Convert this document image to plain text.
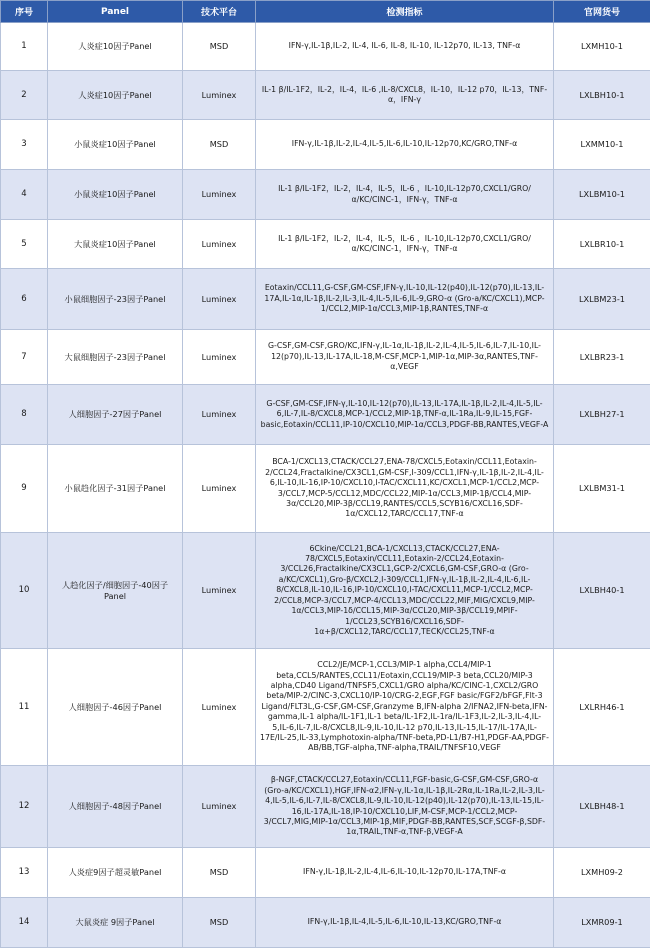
序号	Panel	技术平台	检测指标	官网货号
1	人炎症10因子Panel	MSD	IFN-γ,IL-1β,IL-2, IL-4, IL-6, IL-8, IL-10, IL-12p70, IL-13, TNF-α	LXMH10-1
2	人炎症10因子Panel	Luminex	IL-1 β/IL-1F2，IL-2，IL-4，IL-6 ,IL-8/CXCL8，IL-10，IL-12 p70，IL-13，TNF-α，IFN-γ	LXLBH10-1
3	小鼠炎症10因子Panel	MSD	IFN-γ,IL-1β,IL-2,IL-4,IL-5,IL-6,IL-10,IL-12p70,KC/GRO,TNF-α	LXMM10-1
4	小鼠炎症10因子Panel	Luminex	IL-1 β/IL-1F2，IL-2，IL-4，IL-5，IL-6 ，IL-10,IL-12p70,CXCL1/GRO/α/KC/CINC-1，IFN-γ，TNF-α	LXLBM10-1
5	大鼠炎症10因子Panel	Luminex	IL-1 β/IL-1F2，IL-2，IL-4，IL-5，IL-6 ，IL-10,IL-12p70,CXCL1/GRO/α/KC/CINC-1，IFN-γ，TNF-α	LXLBR10-1
6	小鼠细胞因子-23因子Panel	Luminex	Eotaxin/CCL11,G-CSF,GM-CSF,IFN-γ,IL-10,IL-12(p40),IL-12(p70),IL-13,IL-17A,IL-1α,IL-1β,IL-2,IL-3,IL-4,IL-5,IL-6,IL-9,GRO-α (Gro-a/KC/CXCL1),MCP-1/CCL2,MIP-1α/CCL3,MIP-1β,RANTES,TNF-α	LXLBM23-1
7	大鼠细胞因子-23因子Panel	Luminex	G-CSF,GM-CSF,GRO/KC,IFN-γ,IL-1α,IL-1β,IL-2,IL-4,IL-5,IL-6,IL-7,IL-10,IL-12(p70),IL-13,IL-17A,IL-18,M-CSF,MCP-1,MIP-1α,MIP-3α,RANTES,TNF-α,VEGF	LXLBR23-1
8	人细胞因子-27因子Panel	Luminex	G-CSF,GM-CSF,IFN-γ,IL-10,IL-12(p70),IL-13,IL-17A,IL-1β,IL-2,IL-4,IL-5,IL-6,IL-7,IL-8/CXCL8,MCP-1/CCL2,MIP-1β,TNF-α,IL-1Ra,IL-9,IL-15,FGF-basic,Eotaxin/CCL11,IP-10/CXCL10,MIP-1α/CCL3,PDGF-BB,RANTES,VEGF-A	LXLBH27-1
9	小鼠趋化因子-31因子Panel	Luminex	BCA-1/CXCL13,CTACK/CCL27,ENA-78/CXCL5,Eotaxin/CCL11,Eotaxin-2/CCL24,Fractalkine/CX3CL1,GM-CSF,I-309/CCL1,IFN-γ,IL-1β,IL-2,IL-4,IL-6,IL-10,IL-16,IP-10/CXCL10,I-TAC/CXCL11,KC/CXCL1,MCP-1/CCL2,MCP-3/CCL7,MCP-5/CCL12,MDC/CCL22,MIP-1α/CCL3,MIP-1β/CCL4,MIP-3α/CCL20,MIP-3β/CCL19,RANTES/CCL5,SCYB16/CXCL16,SDF-1α/CXCL12,TARC/CCL17,TNF-α	LXLBM31-1
10	人趋化因子/细胞因子-40因子Panel	Luminex	6Ckine/CCL21,BCA-1/CXCL13,CTACK/CCL27,ENA-78/CXCL5,Eotaxin/CCL11,Eotaxin-2/CCL24,Eotaxin-3/CCL26,Fractalkine/CX3CL1,GCP-2/CXCL6,GM-CSF,GRO-α (Gro-a/KC/CXCL1),Gro-β/CXCL2,I-309/CCL1,IFN-γ,IL-1β,IL-2,IL-4,IL-6,IL-8/CXCL8,IL-10,IL-16,IP-10/CXCL10,I-TAC/CXCL11,MCP-1/CCL2,MCP-2/CCL8,MCP-3/CCL7,MCP-4/CCL13,MDC/CCL22,MIF,MIG/CXCL9,MIP-1α/CCL3,MIP-1δ/CCL15,MIP-3α/CCL20,MIP-3β/CCL19,MPIF-1/CCL23,SCYB16/CXCL16,SDF-1α+β/CXCL12,TARC/CCL17,TECK/CCL25,TNF-α	LXLBH40-1
11	人细胞因子-46因子Panel	Luminex	CCL2/JE/MCP-1,CCL3/MIP-1 alpha,CCL4/MIP-1 beta,CCL5/RANTES,CCL11/Eotaxin,CCL19/MIP-3 beta,CCL20/MIP-3 alpha,CD40 Ligand/TNFSF5,CXCL1/GRO alpha/KC/CINC-1,CXCL2/GRO beta/MIP-2/CINC-3,CXCL10/IP-10/CRG-2,EGF,FGF basic/FGF2/bFGF,Flt-3 Ligand/FLT3L,G-CSF,GM-CSF,Granzyme B,IFN-alpha 2/IFNA2,IFN-beta,IFN-gamma,IL-1 alpha/IL-1F1,IL-1 beta/IL-1F2,IL-1ra/IL-1F3,IL-2,IL-3,IL-4,IL-5,IL-6,IL-7,IL-8/CXCL8,IL-9,IL-10,IL-12 p70,IL-13,IL-15,IL-17/IL-17A,IL-17E/IL-25,IL-33,Lymphotoxin-alpha/TNF-beta,PD-L1/B7-H1,PDGF-AA,PDGF-AB/BB,TGF-alpha,TNF-alpha,TRAIL/TNFSF10,VEGF	LXLRH46-1
12	人细胞因子-48因子Panel	Luminex	β-NGF,CTACK/CCL27,Eotaxin/CCL11,FGF-basic,G-CSF,GM-CSF,GRO-α (Gro-a/KC/CXCL1),HGF,IFN-α2,IFN-γ,IL-1α,IL-1β,IL-2Rα,IL-1Ra,IL-2,IL-3,IL-4,IL-5,IL-6,IL-7,IL-8/CXCL8,IL-9,IL-10,IL-12(p40),IL-12(p70),IL-13,IL-15,IL-16,IL-17A,IL-18,IP-10/CXCL10,LIF,M-CSF,MCP-1/CCL2,MCP-3/CCL7,MIG,MIP-1α/CCL3,MIP-1β,MIF,PDGF-BB,RANTES,SCF,SCGF-β,SDF-1α,TRAIL,TNF-α,TNF-β,VEGF-A	LXLBH48-1
13	人炎症9因子超灵敏Panel	MSD	IFN-γ,IL-1β,IL-2,IL-4,IL-6,IL-10,IL-12p70,IL-17A,TNF-α	LXMH09-2
14	大鼠炎症 9因子Panel	MSD	IFN-γ,IL-1β,IL-4,IL-5,IL-6,IL-10,IL-13,KC/GRO,TNF-α	LXMR09-1
